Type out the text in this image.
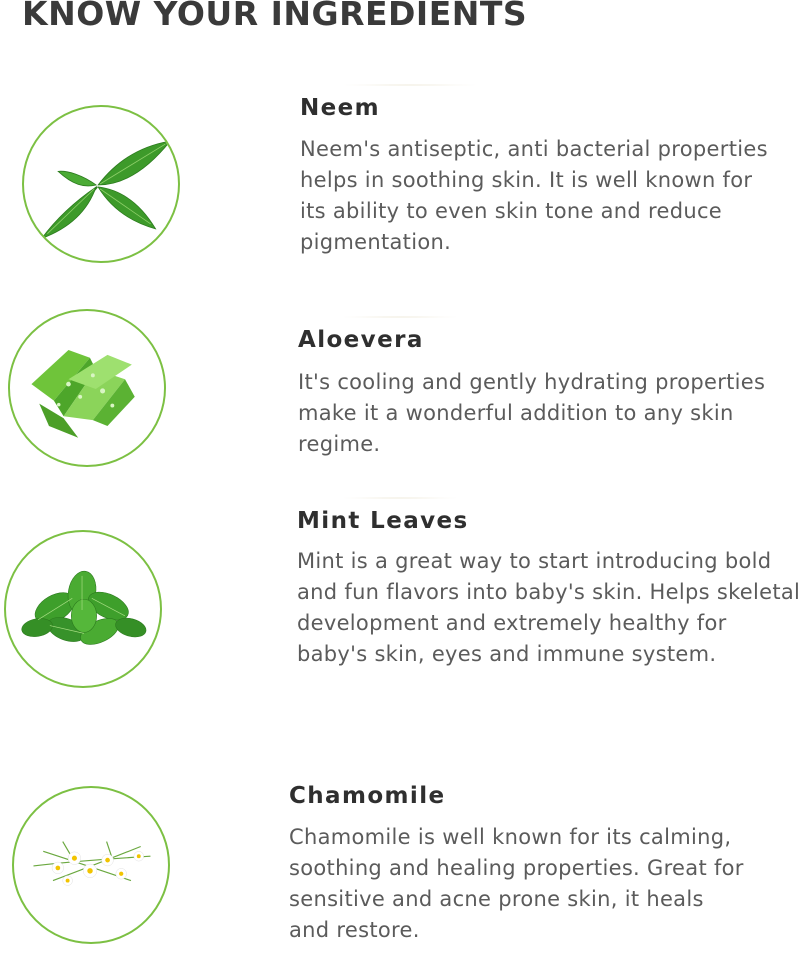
KNOW YOUR INGREDIENTS
Neem

Neem's antiseptic, anti bacterial properties helps in soothing skin. It is well known for its ability to even skin tone and reduce pigmentation.

Aloevera

It's cooling and gently hydrating properties make it a wonderful addition to any skin regime.

Mint Leaves

Mint is a great way to start introducing bold and fun flavors into baby's skin. Helps skeletal development and extremely healthy for baby's skin, eyes and immune system.

Chamomile

Chamomile is well known for its calming, soothing and healing properties. Great for sensitive and acne prone skin, it heals and restore.
